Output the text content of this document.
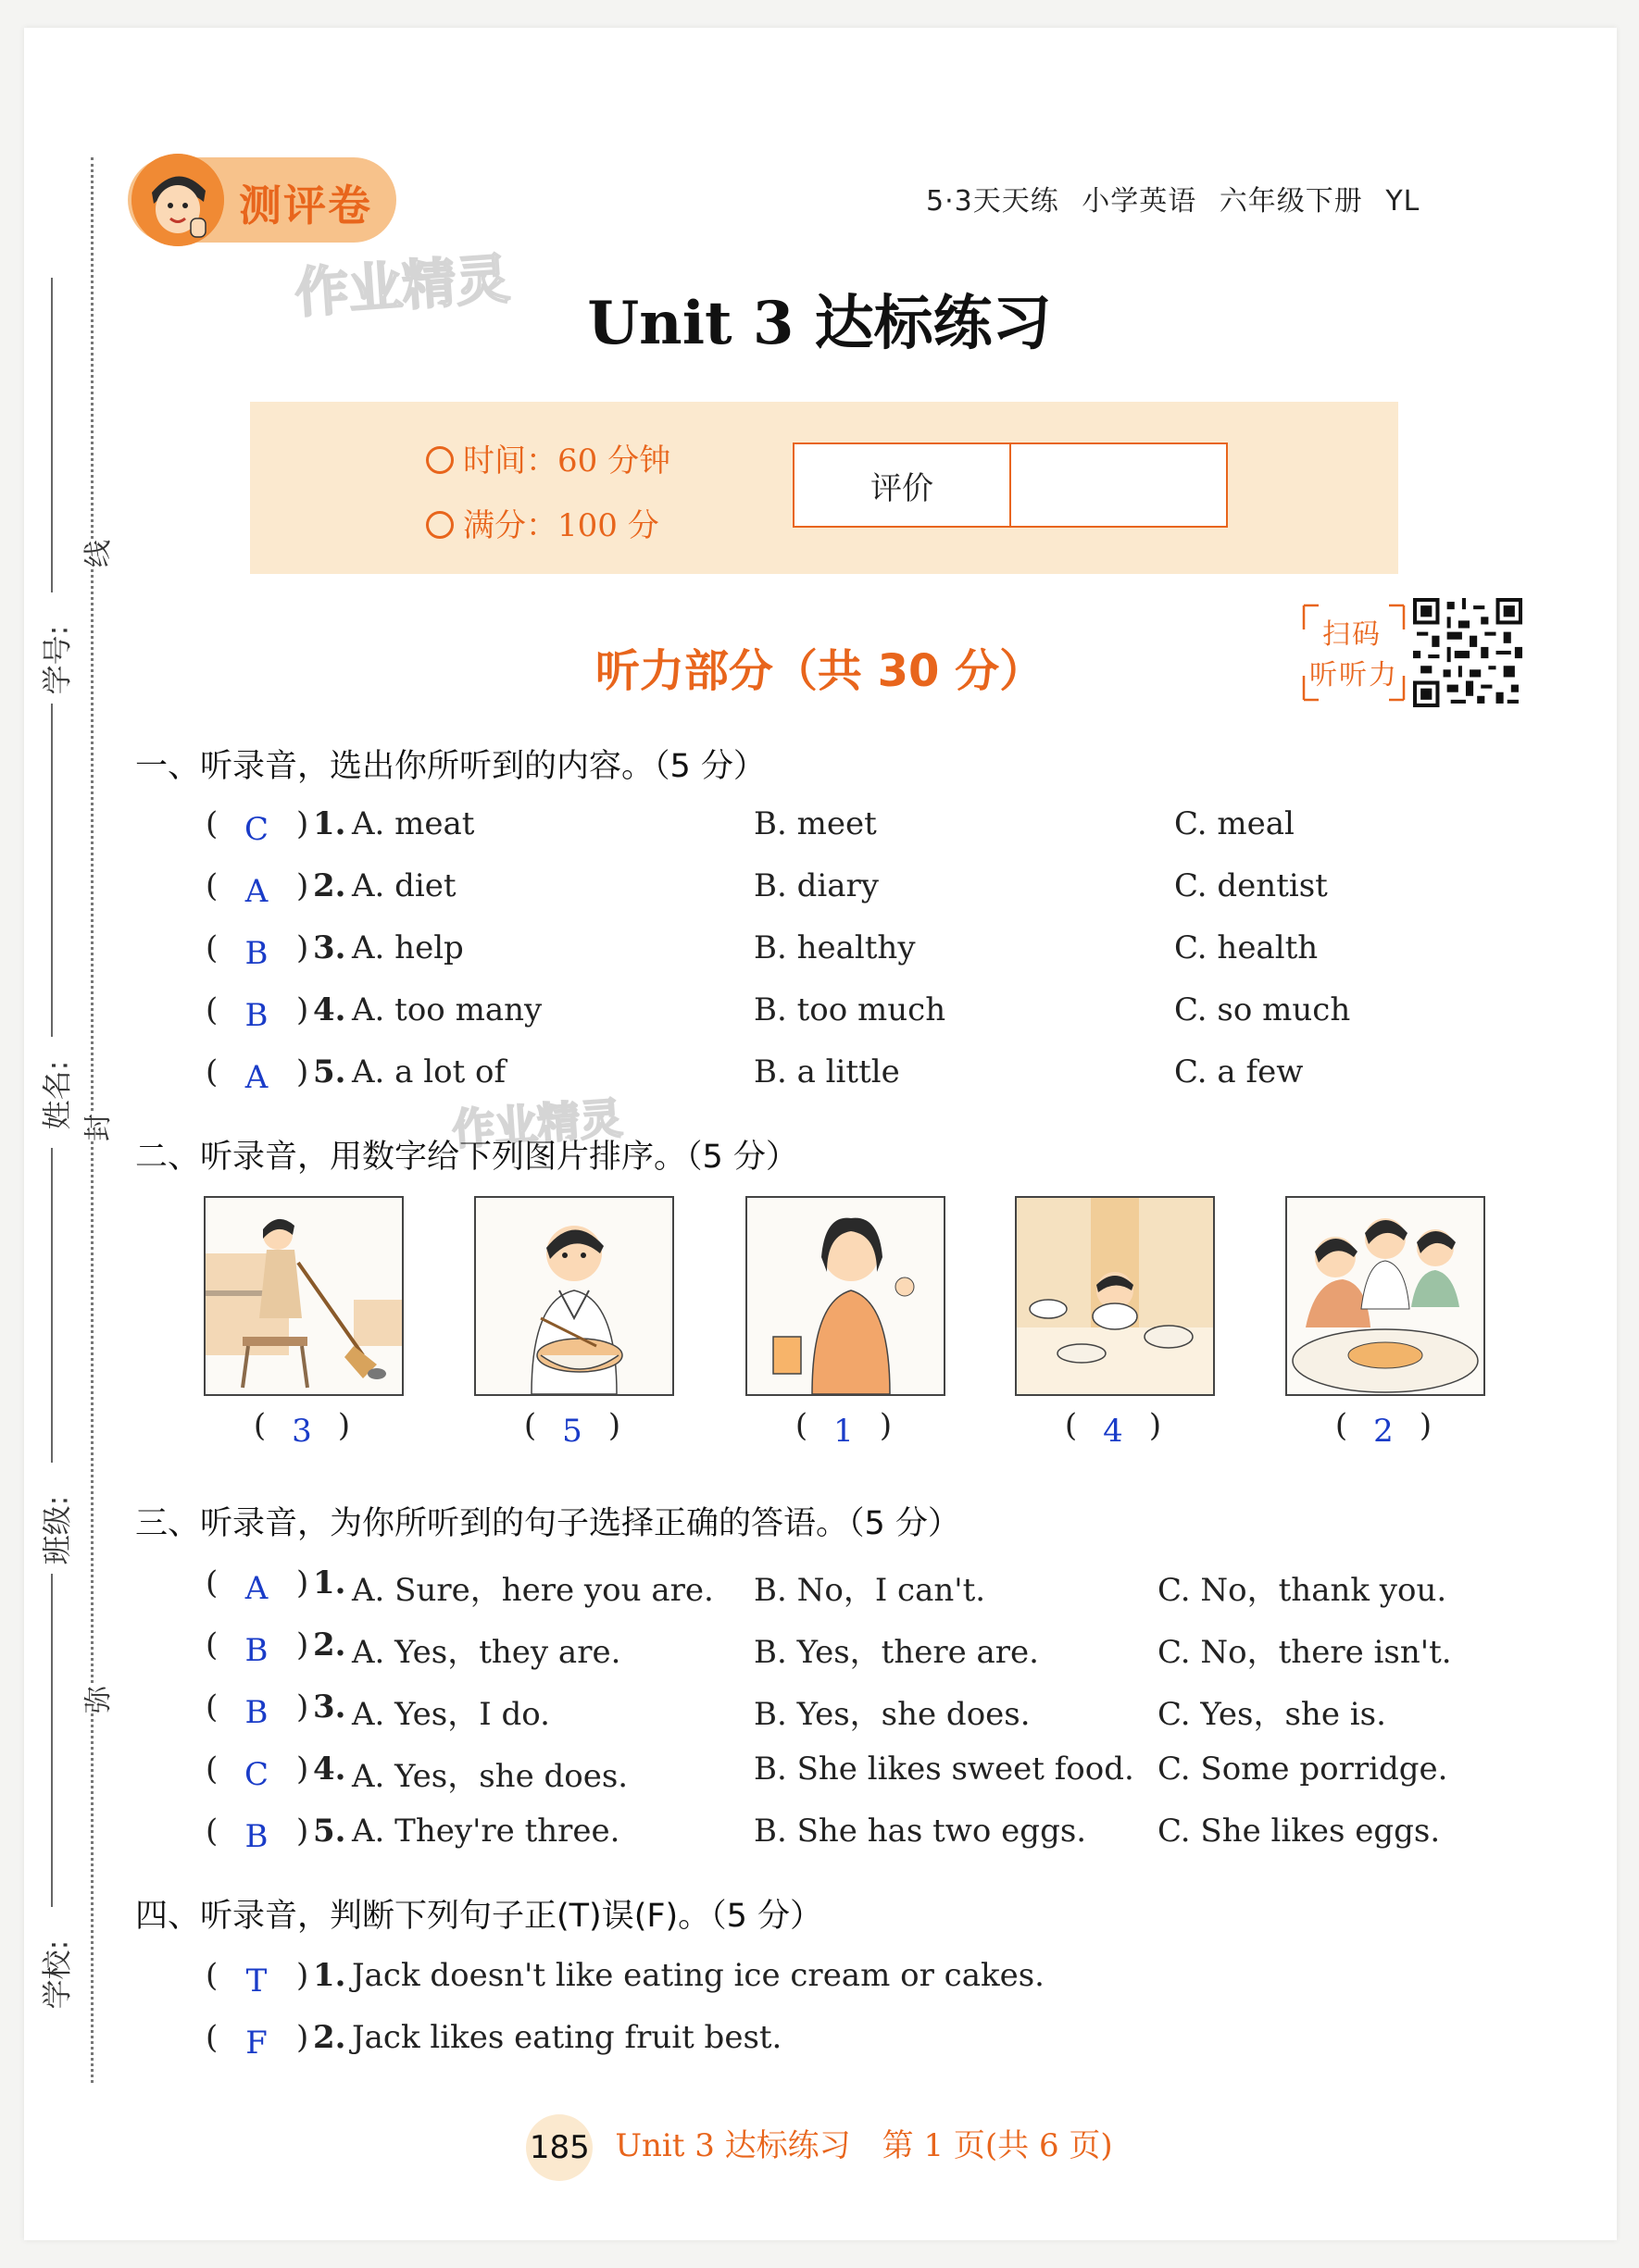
线
封
弥
学号:
姓名:
班级:
学校:
测评卷	5·3天天练 小学英语 六年级下册 YL
作业精灵
作业精灵
Unit 3 达标练习
时间：60 分钟
满分：100 分
评价
听力部分（共 30 分）
扫码
听听力
一、听录音，选出你所听到的内容。（5 分）
( C ) 1. A. meat	B. meet	C. meal
( A ) 2. A. diet	B. diary	C. dentist
( B ) 3. A. help	B. healthy	C. health
( B ) 4. A. too many	B. too much	C. so much
( A ) 5. A. a lot of	B. a little	C. a few
二、听录音，用数字给下列图片排序。（5 分）
( 3 )	( 5 )	( 1 )	( 4 )	( 2 )
三、听录音，为你所听到的句子选择正确的答语。（5 分）
( A ) 1. A. Sure，here you are. B. No，I can't.	C. No，thank you.
( B ) 2. A. Yes，they are.	B. Yes，there are.	C. No，there isn't.
( B ) 3. A. Yes，I do.	B. Yes，she does.	C. Yes，she is.
( C ) 4. A. Yes，she does.	B. She likes sweet food. C. Some porridge.
( B ) 5. A. They're three.	B. She has two eggs. C. She likes eggs.
四、听录音，判断下列句子正(T)误(F)。（5 分）
( T ) 1. Jack doesn't like eating ice cream or cakes.
( F ) 2. Jack likes eating fruit best.
185 Unit 3 达标练习　第 1 页(共 6 页)
